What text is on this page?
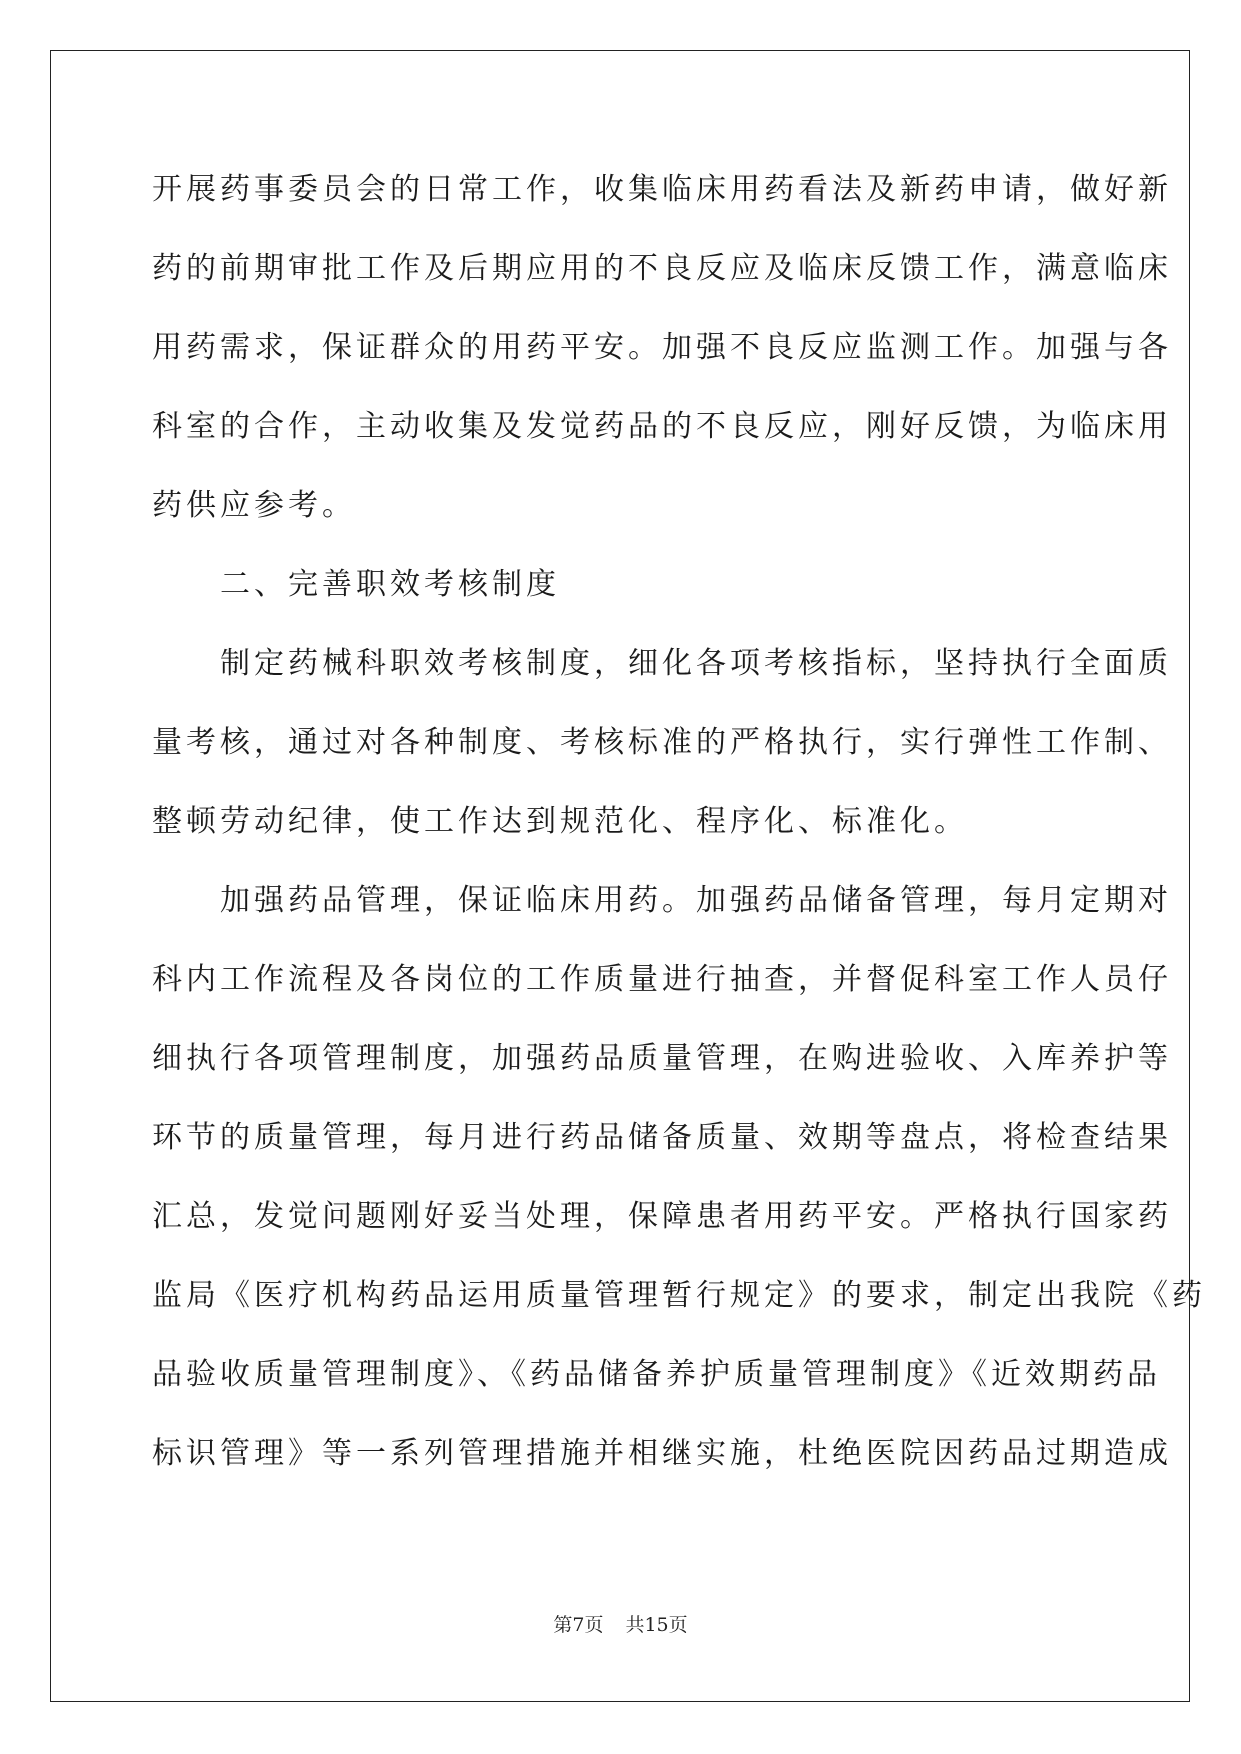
开展药事委员会的日常工作，收集临床用药看法及新药申请，做好新
药的前期审批工作及后期应用的不良反应及临床反馈工作，满意临床
用药需求，保证群众的用药平安。加强不良反应监测工作。加强与各
科室的合作，主动收集及发觉药品的不良反应，刚好反馈，为临床用
药供应参考。
　　二、完善职效考核制度
　　制定药械科职效考核制度，细化各项考核指标，坚持执行全面质
量考核，通过对各种制度、考核标准的严格执行，实行弹性工作制、
整顿劳动纪律，使工作达到规范化、程序化、标准化。
　　加强药品管理，保证临床用药。加强药品储备管理，每月定期对
科内工作流程及各岗位的工作质量进行抽查，并督促科室工作人员仔
细执行各项管理制度，加强药品质量管理，在购进验收、入库养护等
环节的质量管理，每月进行药品储备质量、效期等盘点，将检查结果
汇总，发觉问题刚好妥当处理，保障患者用药平安。严格执行国家药
监局《医疗机构药品运用质量管理暂行规定》的要求，制定出我院《药
品验收质量管理制度》、《药品储备养护质量管理制度》《近效期药品
标识管理》等一系列管理措施并相继实施，杜绝医院因药品过期造成
第7页 共15页
